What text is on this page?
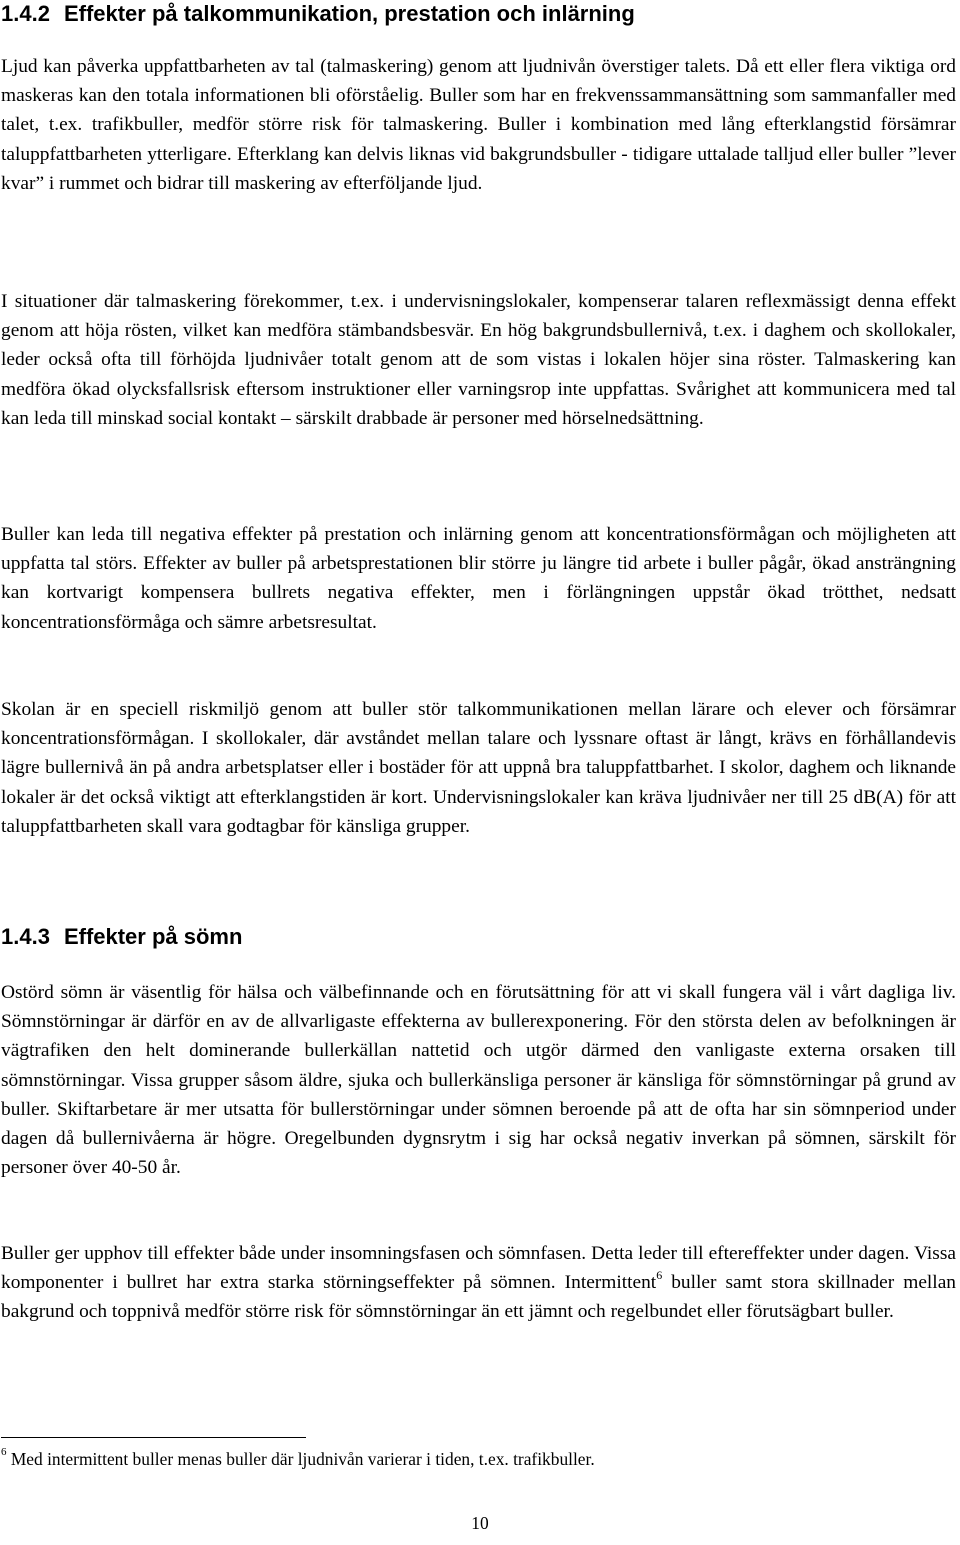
1.4.2 Effekter på talkommunikation, prestation och inlärning

Ljud kan påverka uppfattbarheten av tal (talmaskering) genom att ljudnivån överstiger talets. Då ett eller flera viktiga ord maskeras kan den totala informationen bli oförståelig. Buller som har en frekvenssammansättning som sammanfaller med talet, t.ex. trafikbuller, medför större risk för talmaskering. Buller i kombination med lång efterklangstid försämrar taluppfattbarheten ytterligare. Efterklang kan delvis liknas vid bakgrundsbuller - tidigare uttalade talljud eller buller ”lever kvar” i rummet och bidrar till maskering av efterföljande ljud.

I situationer där talmaskering förekommer, t.ex. i undervisningslokaler, kompenserar talaren reflexmässigt denna effekt genom att höja rösten, vilket kan medföra stämbandsbesvär. En hög bakgrundsbullernivå, t.ex. i daghem och skollokaler, leder också ofta till förhöjda ljudnivåer totalt genom att de som vistas i lokalen höjer sina röster. Talmaskering kan medföra ökad olycksfallsrisk eftersom instruktioner eller varningsrop inte uppfattas. Svårighet att kommunicera med tal kan leda till minskad social kontakt – särskilt drabbade är personer med hörselnedsättning.

Buller kan leda till negativa effekter på prestation och inlärning genom att koncentrationsförmågan och möjligheten att uppfatta tal störs. Effekter av buller på arbetsprestationen blir större ju längre tid arbete i buller pågår, ökad ansträngning kan kortvarigt kompensera bullrets negativa effekter, men i förlängningen uppstår ökad trötthet, nedsatt koncentrationsförmåga och sämre arbetsresultat.

Skolan är en speciell riskmiljö genom att buller stör talkommunikationen mellan lärare och elever och försämrar koncentrationsförmågan. I skollokaler, där avståndet mellan talare och lyssnare oftast är långt, krävs en förhållandevis lägre bullernivå än på andra arbetsplatser eller i bostäder för att uppnå bra taluppfattbarhet. I skolor, daghem och liknande lokaler är det också viktigt att efterklangstiden är kort. Undervisningslokaler kan kräva ljudnivåer ner till 25 dB(A) för att taluppfattbarheten skall vara godtagbar för känsliga grupper.

1.4.3 Effekter på sömn

Ostörd sömn är väsentlig för hälsa och välbefinnande och en förutsättning för att vi skall fungera väl i vårt dagliga liv. Sömnstörningar är därför en av de allvarligaste effekterna av bullerexponering. För den största delen av befolkningen är vägtrafiken den helt dominerande bullerkällan nattetid och utgör därmed den vanligaste externa orsaken till sömnstörningar. Vissa grupper såsom äldre, sjuka och bullerkänsliga personer är känsliga för sömnstörningar på grund av buller. Skiftarbetare är mer utsatta för bullerstörningar under sömnen beroende på att de ofta har sin sömnperiod under dagen då bullernivåerna är högre. Oregelbunden dygnsrytm i sig har också negativ inverkan på sömnen, särskilt för personer över 40-50 år.

Buller ger upphov till effekter både under insomningsfasen och sömnfasen. Detta leder till eftereffekter under dagen. Vissa komponenter i bullret har extra starka störningseffekter på sömnen. Intermittent$^6$ buller samt stora skillnader mellan bakgrund och toppnivå medför större risk för sömnstörningar än ett jämnt och regelbundet eller förutsägbart buller.

$^6$ Med intermittent buller menas buller där ljudnivån varierar i tiden, t.ex. trafikbuller.

10
